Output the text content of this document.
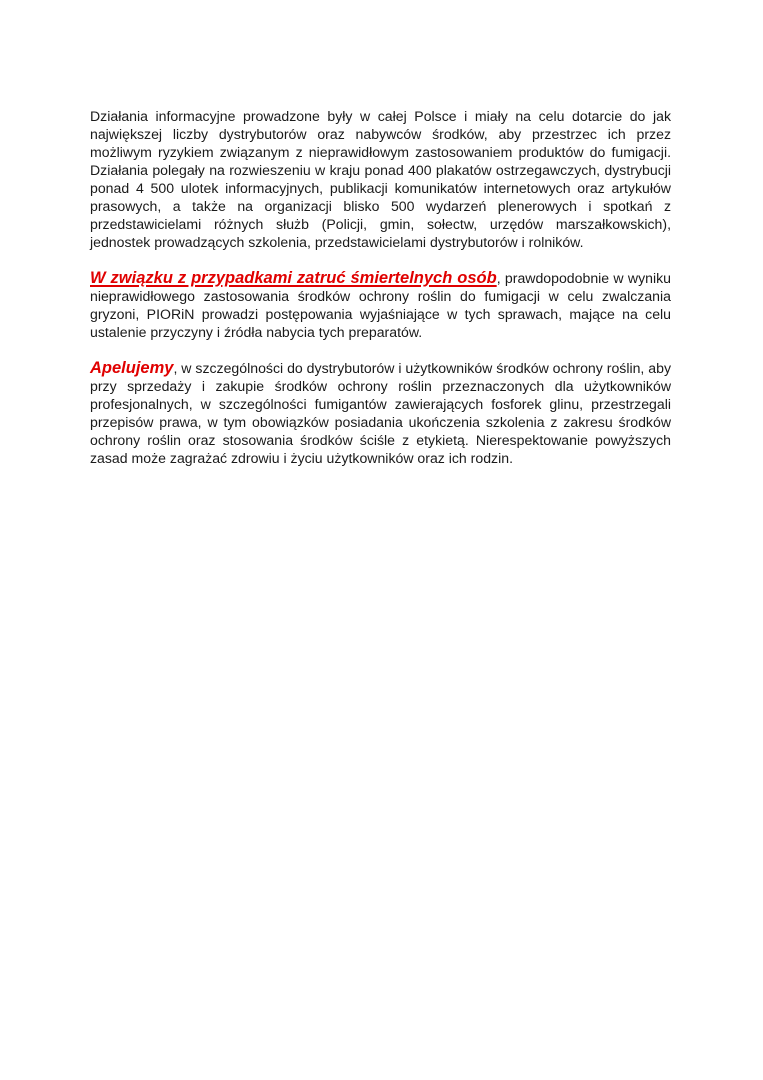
Działania informacyjne prowadzone były w całej Polsce i miały na celu dotarcie do jak największej liczby dystrybutorów oraz nabywców środków, aby przestrzec ich przez możliwym ryzykiem związanym z nieprawidłowym zastosowaniem produktów do fumigacji. Działania polegały na rozwieszeniu w kraju ponad 400 plakatów ostrzegawczych, dystrybucji ponad 4 500 ulotek informacyjnych, publikacji komunikatów internetowych oraz artykułów prasowych, a także na organizacji blisko 500 wydarzeń plenerowych i spotkań z przedstawicielami różnych służb (Policji, gmin, sołectw, urzędów marszałkowskich), jednostek prowadzących szkolenia, przedstawicielami dystrybutorów i rolników.

W związku z przypadkami zatruć śmiertelnych osób, prawdopodobnie w wyniku nieprawidłowego zastosowania środków ochrony roślin do fumigacji w celu zwalczania gryzoni, PIORiN prowadzi postępowania wyjaśniające w tych sprawach, mające na celu ustalenie przyczyny i źródła nabycia tych preparatów.

Apelujemy, w szczególności do dystrybutorów i użytkowników środków ochrony roślin, aby przy sprzedaży i zakupie środków ochrony roślin przeznaczonych dla użytkowników profesjonalnych, w szczególności fumigantów zawierających fosforek glinu, przestrzegali przepisów prawa, w tym obowiązków posiadania ukończenia szkolenia z zakresu środków ochrony roślin oraz stosowania środków ściśle z etykietą. Nierespektowanie powyższych zasad może zagrażać zdrowiu i życiu użytkowników oraz ich rodzin.
